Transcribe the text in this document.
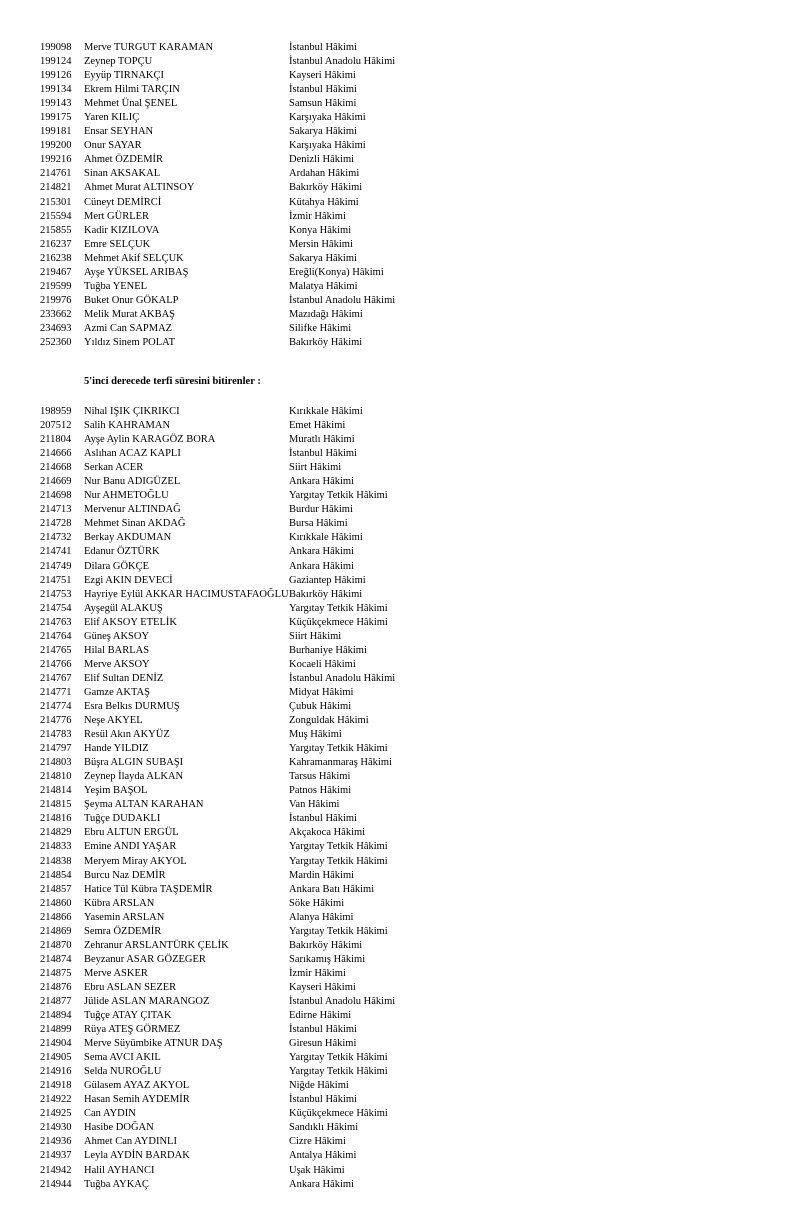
199098 Merve TURGUT KARAMAN	İstanbul Hâkimi
199124 Zeynep TOPÇU	İstanbul Anadolu Hâkimi
199126 Eyyüp TIRNAKÇI	Kayseri Hâkimi
199134 Ekrem Hilmi TARÇIN	İstanbul Hâkimi
199143 Mehmet Ünal ŞENEL	Samsun Hâkimi
199175 Yaren KILIÇ	Karşıyaka Hâkimi
199181 Ensar SEYHAN	Sakarya Hâkimi
199200 Onur SAYAR	Karşıyaka Hâkimi
199216 Ahmet ÖZDEMİR	Denizli Hâkimi
214761 Sinan AKSAKAL	Ardahan Hâkimi
214821 Ahmet Murat ALTINSOY	Bakırköy Hâkimi
215301 Cüneyt DEMİRCİ	Kütahya Hâkimi
215594 Mert GÜRLER	İzmir Hâkimi
215855 Kadir KIZILOVA	Konya Hâkimi
216237 Emre SELÇUK	Mersin Hâkimi
216238 Mehmet Akif SELÇUK	Sakarya Hâkimi
219467 Ayşe YÜKSEL ARIBAŞ	Ereğli(Konya) Hâkimi
219599 Tuğba YENEL	Malatya Hâkimi
219976 Buket Onur GÖKALP	İstanbul Anadolu Hâkimi
233662 Melik Murat AKBAŞ	Mazıdağı Hâkimi
234693 Azmi Can SAPMAZ	Silifke Hâkimi
252360 Yıldız Sinem POLAT	Bakırköy Hâkimi
5'inci derecede terfi süresini bitirenler :
198959 Nihal IŞIK ÇIKRIKCI	Kırıkkale Hâkimi
207512 Salih KAHRAMAN	Emet Hâkimi
211804 Ayşe Aylin KARAGÖZ BORA	Muratlı Hâkimi
214666 Aslıhan ACAZ KAPLI	İstanbul Hâkimi
214668 Serkan ACER	Siirt Hâkimi
214669 Nur Banu ADIGÜZEL	Ankara Hâkimi
214698 Nur AHMETOĞLU	Yargıtay Tetkik Hâkimi
214713 Mervenur ALTINDAĞ	Burdur Hâkimi
214728 Mehmet Sinan AKDAĞ	Bursa Hâkimi
214732 Berkay AKDUMAN	Kırıkkale Hâkimi
214741 Edanur ÖZTÜRK	Ankara Hâkimi
214749 Dilara GÖKÇE	Ankara Hâkimi
214751 Ezgi AKIN DEVECİ	Gaziantep Hâkimi
214753 Hayriye Eylül AKKAR HACIMUSTAFAOĞLU Bakırköy Hâkimi
214754 Ayşegül ALAKUŞ	Yargıtay Tetkik Hâkimi
214763 Elif AKSOY ETELİK	Küçükçekmece Hâkimi
214764 Güneş AKSOY	Siirt Hâkimi
214765 Hilal BARLAS	Burhaniye Hâkimi
214766 Merve AKSOY	Kocaeli Hâkimi
214767 Elif Sultan DENİZ	İstanbul Anadolu Hâkimi
214771 Gamze AKTAŞ	Midyat Hâkimi
214774 Esra Belkıs DURMUŞ	Çubuk Hâkimi
214776 Neşe AKYEL	Zonguldak Hâkimi
214783 Resül Akın AKYÜZ	Muş Hâkimi
214797 Hande YILDIZ	Yargıtay Tetkik Hâkimi
214803 Büşra ALGIN SUBAŞI	Kahramanmaraş Hâkimi
214810 Zeynep İlayda ALKAN	Tarsus Hâkimi
214814 Yeşim BAŞOL	Patnos Hâkimi
214815 Şeyma ALTAN KARAHAN	Van Hâkimi
214816 Tuğçe DUDAKLI	İstanbul Hâkimi
214829 Ebru ALTUN ERGÜL	Akçakoca Hâkimi
214833 Emine ANDI YAŞAR	Yargıtay Tetkik Hâkimi
214838 Meryem Miray AKYOL	Yargıtay Tetkik Hâkimi
214854 Burcu Naz DEMİR	Mardin Hâkimi
214857 Hatice Tül Kübra TAŞDEMİR	Ankara Batı Hâkimi
214860 Kübra ARSLAN	Söke Hâkimi
214866 Yasemin ARSLAN	Alanya Hâkimi
214869 Semra ÖZDEMİR	Yargıtay Tetkik Hâkimi
214870 Zehranur ARSLANTÜRK ÇELİK	Bakırköy Hâkimi
214874 Beyzanur ASAR GÖZEGER	Sarıkamış Hâkimi
214875 Merve ASKER	İzmir Hâkimi
214876 Ebru ASLAN SEZER	Kayseri Hâkimi
214877 Jülide ASLAN MARANGOZ	İstanbul Anadolu Hâkimi
214894 Tuğçe ATAY ÇITAK	Edirne Hâkimi
214899 Rüya ATEŞ GÖRMEZ	İstanbul Hâkimi
214904 Merve Süyümbike ATNUR DAŞ	Giresun Hâkimi
214905 Sema AVCI AKIL	Yargıtay Tetkik Hâkimi
214916 Selda NUROĞLU	Yargıtay Tetkik Hâkimi
214918 Gülasem AYAZ AKYOL	Niğde Hâkimi
214922 Hasan Semih AYDEMİR	İstanbul Hâkimi
214925 Can AYDIN	Küçükçekmece Hâkimi
214930 Hasibe DOĞAN	Sandıklı Hâkimi
214936 Ahmet Can AYDINLI	Cizre Hâkimi
214937 Leyla AYDİN BARDAK	Antalya Hâkimi
214942 Halil AYHANCI	Uşak Hâkimi
214944 Tuğba AYKAÇ	Ankara Hâkimi
